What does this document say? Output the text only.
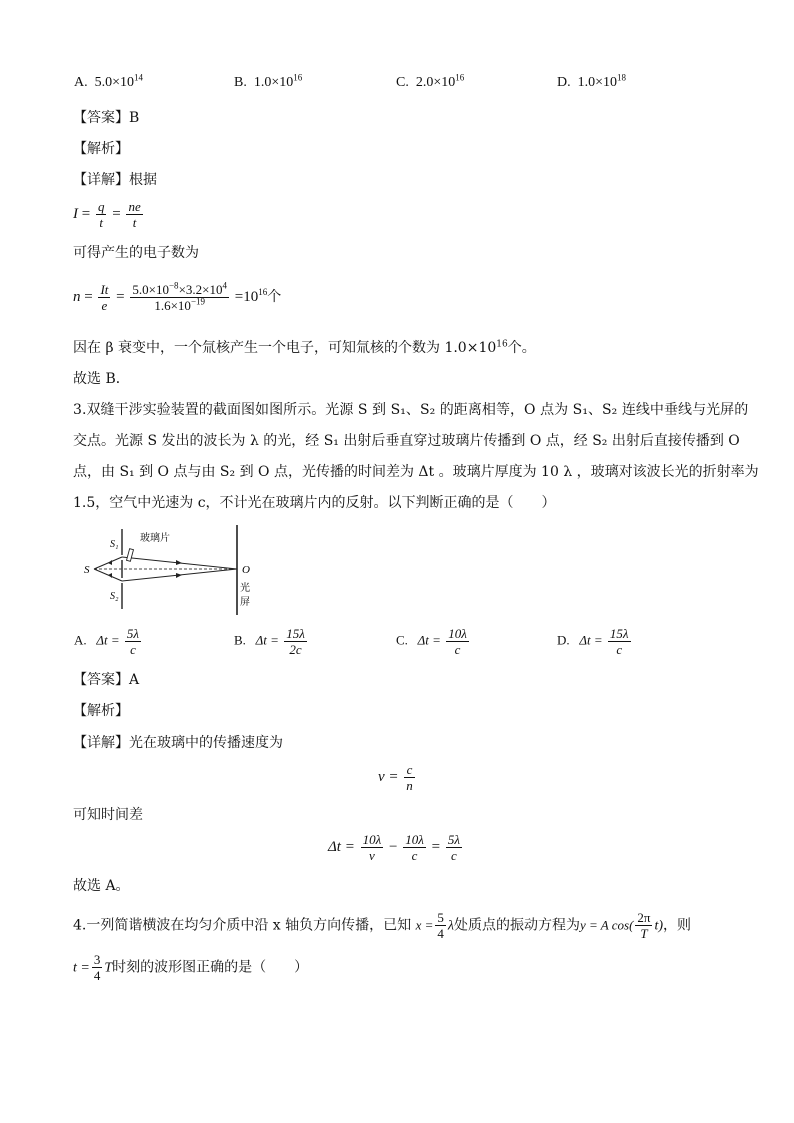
A. $5.0\times 10^{14}$	B. $1.0\times 10^{16}$	C. $2.0\times 10^{16}$	D. $1.0\times 10^{18}$
【答案】B
【解析】
【详解】根据
$I = \frac{q}{t} = \frac{ne}{t}$
可得产生的电子数为
$n = \frac{It}{e} = \frac{5.0\times 10^{-8}\times 3.2\times 10^4}{1.6\times 10^{-19}} =10^{16}$个
因在 β 衰变中，一个氚核产生一个电子，可知氚核的个数为 $1.0\times 10^{16}$个。
故选 B．
3.双缝干涉实验装置的截面图如图所示。光源 S 到 S₁、S₂ 的距离相等，O 点为 S₁、S₂ 连线中垂线与光屏的
交点。光源 S 发出的波长为 λ 的光，经 S₁ 出射后垂直穿过玻璃片传播到 O 点，经 S₂ 出射后直接传播到 O
点，由 S₁ 到 O 点与由 S₂ 到 O 点，光传播的时间差为 Δt 。玻璃片厚度为 10 λ ，玻璃对该波长光的折射率为
1.5，空气中光速为 c，不计光在玻璃片内的反射。以下判断正确的是（　　）
S
S₁
S₂
玻璃片
O
光
屏
A. $\Delta t = \frac{5\lambda}{c}$	B. $\Delta t = \frac{15\lambda}{2c}$	C. $\Delta t = \frac{10\lambda}{c}$	D. $\Delta t = \frac{15\lambda}{c}$
【答案】A
【解析】
【详解】光在玻璃中的传播速度为
$v = \frac{c}{n}$
可知时间差
$\Delta t = \frac{10\lambda}{v} - \frac{10\lambda}{c} = \frac{5\lambda}{c}$
故选 A。
4.一列简谐横波在均匀介质中沿 x 轴负方向传播，已知 $x = \frac{5}{4}$ λ处质点的振动方程为y = A $\cos( \frac{2\pi}{T} t)$，则
$t = \frac{3}{4}$ T时刻的波形图正确的是（　　）
